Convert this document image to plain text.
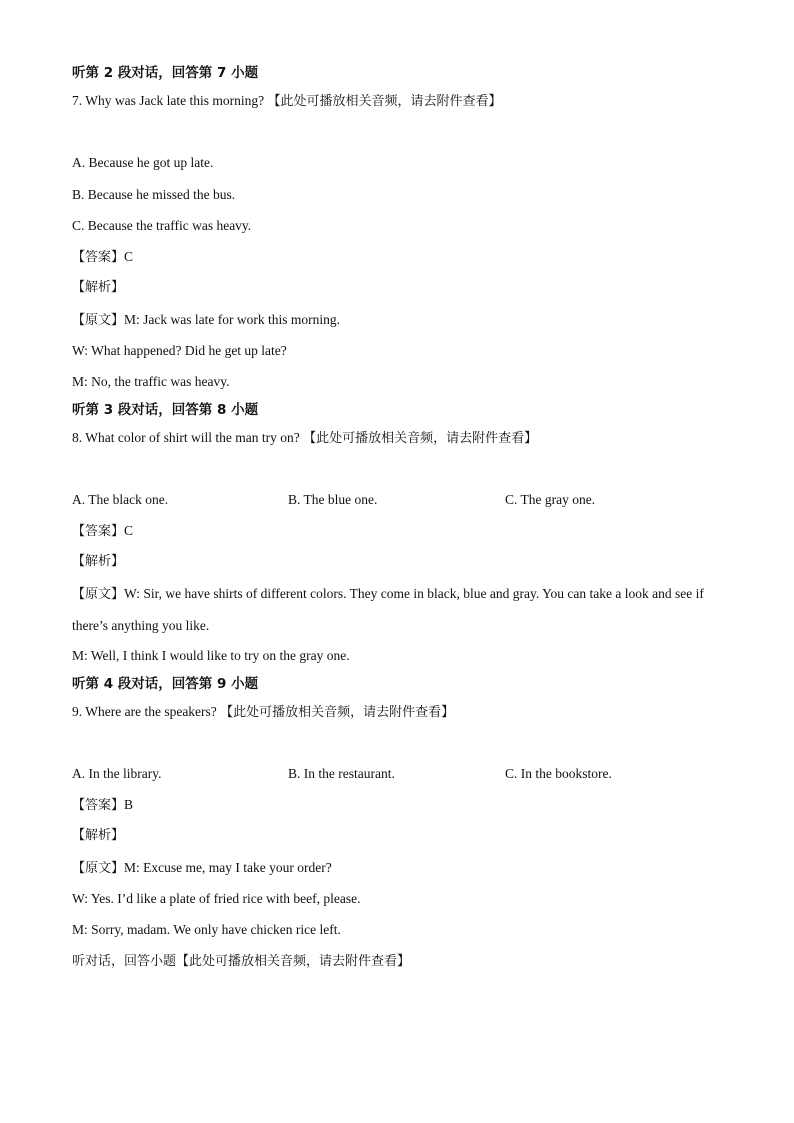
听第 2 段对话，回答第 7 小题
7. Why was Jack late this morning? 【此处可播放相关音频，请去附件查看】
A. Because he got up late.
B. Because he missed the bus.
C. Because the traffic was heavy.
【答案】C
【解析】
【原文】M: Jack was late for work this morning.
W: What happened? Did he get up late?
M: No, the traffic was heavy.
听第 3 段对话，回答第 8 小题
8. What color of shirt will the man try on? 【此处可播放相关音频，请去附件查看】
A. The black one.	B. The blue one.	C. The gray one.
【答案】C
【解析】
【原文】W: Sir, we have shirts of different colors. They come in black, blue and gray. You can take a look and see if there’s anything you like.
M: Well, I think I would like to try on the gray one.
听第 4 段对话，回答第 9 小题
9. Where are the speakers? 【此处可播放相关音频，请去附件查看】
A. In the library.	B. In the restaurant.	C. In the bookstore.
【答案】B
【解析】
【原文】M: Excuse me, may I take your order?
W: Yes. I’d like a plate of fried rice with beef, please.
M: Sorry, madam. We only have chicken rice left.
听对话，回答小题【此处可播放相关音频，请去附件查看】
